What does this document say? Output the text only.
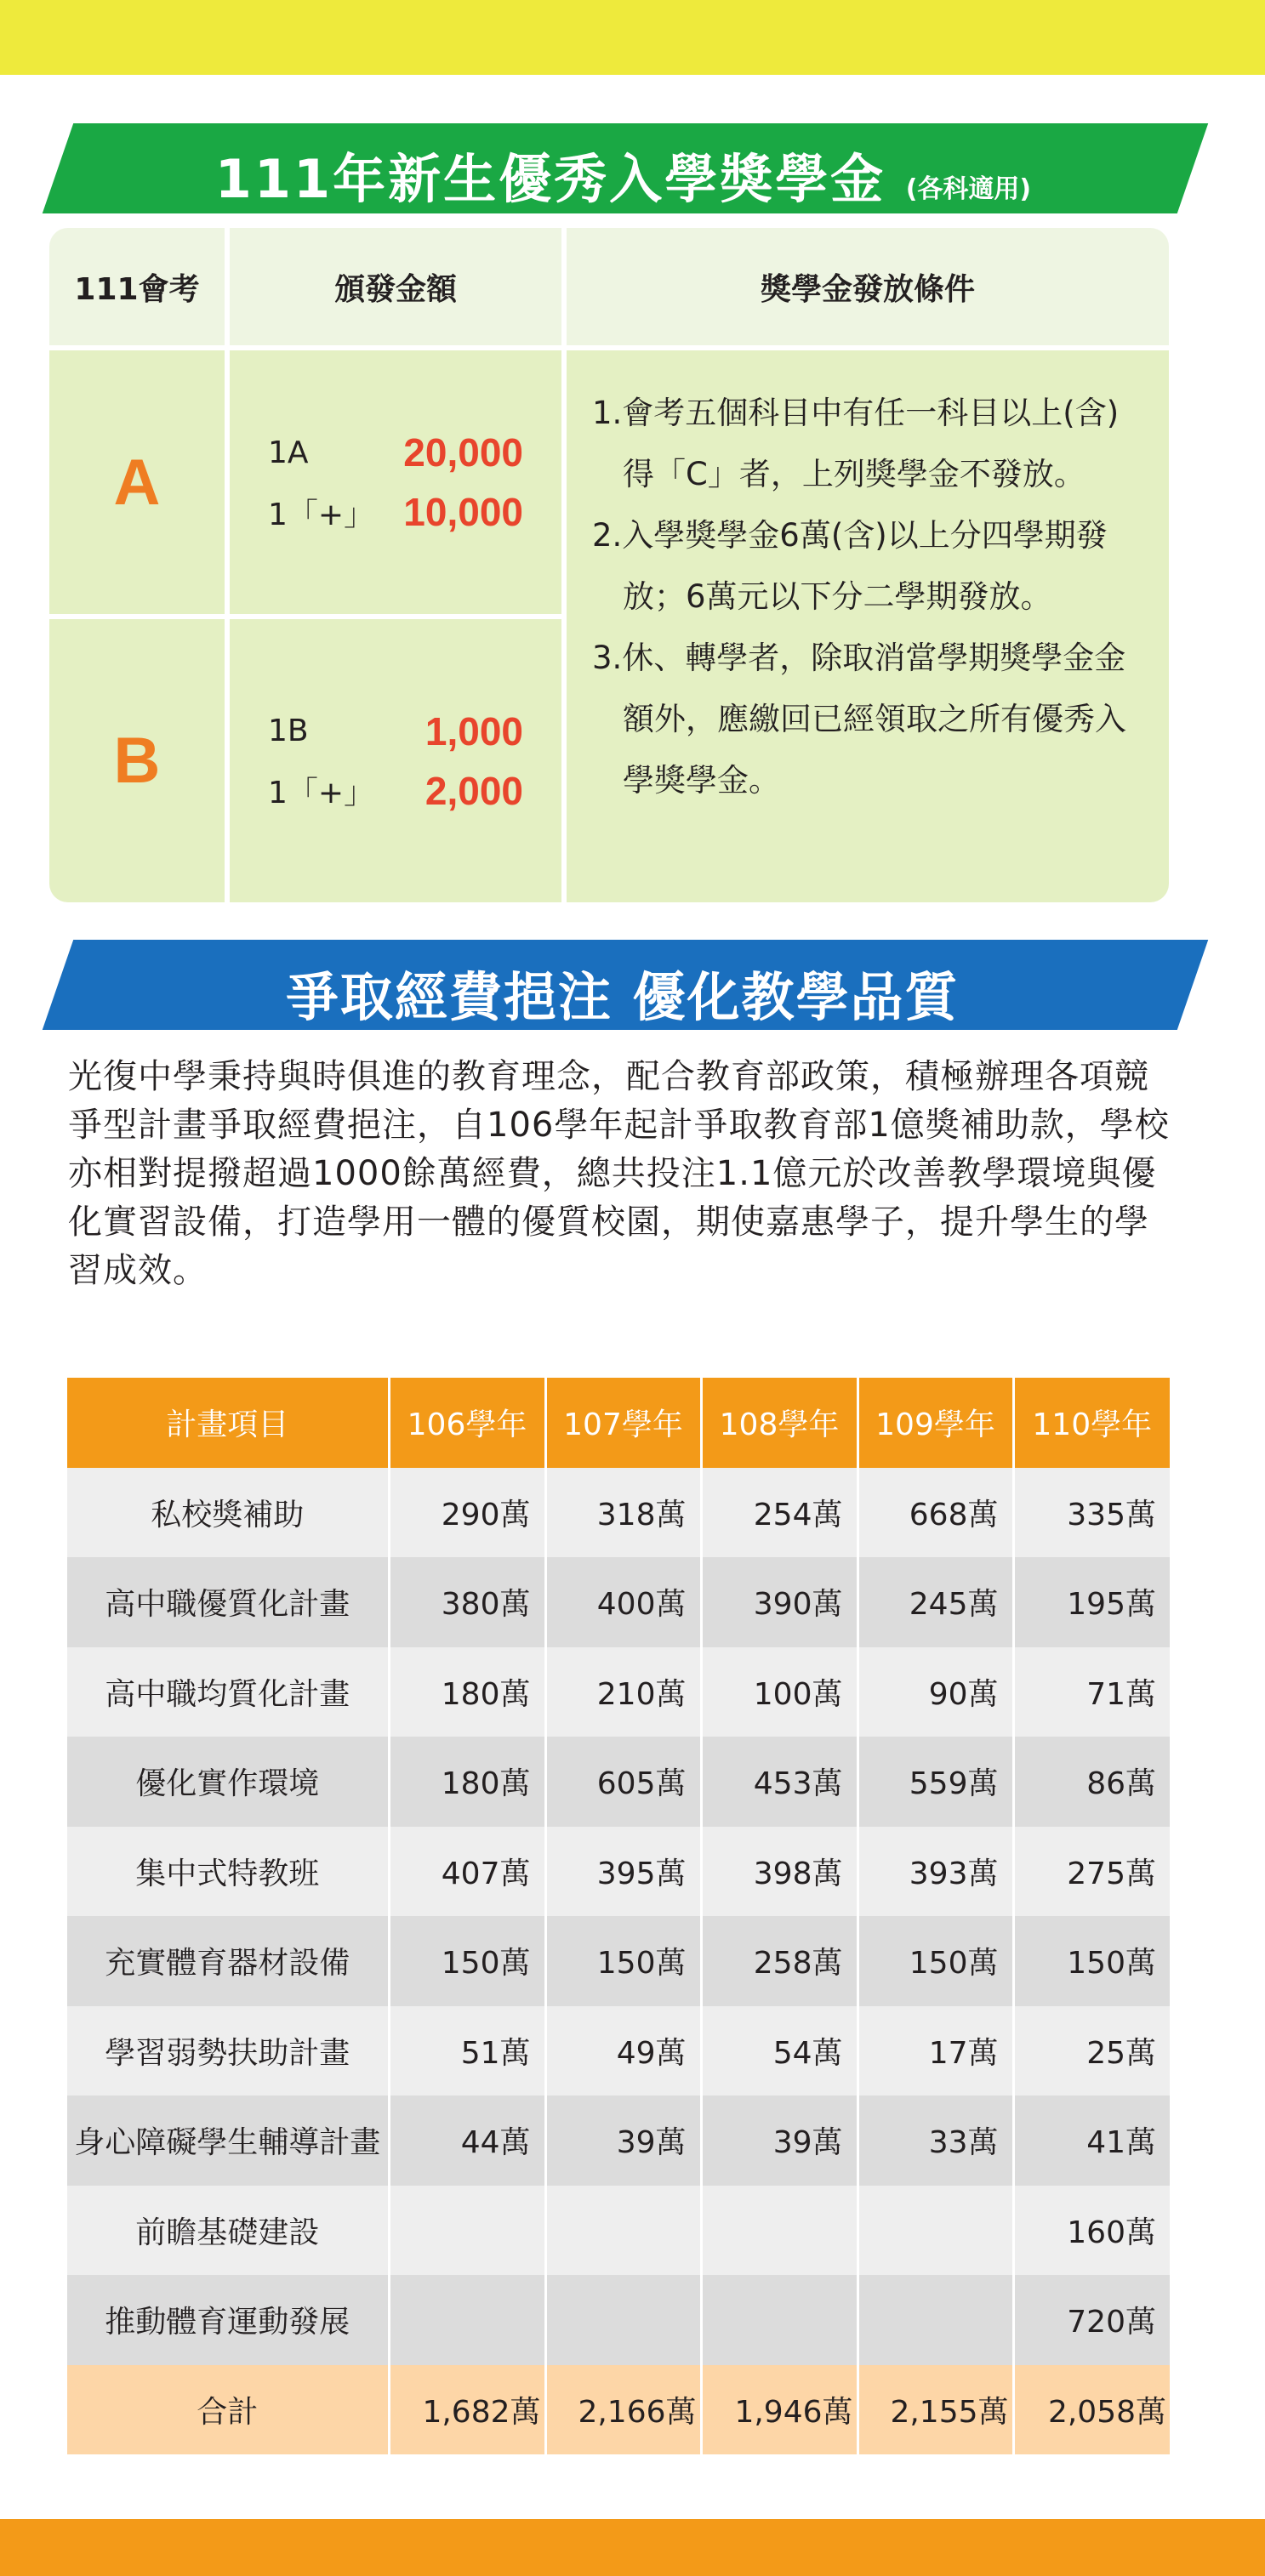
111年新生優秀入學獎學金 (各科適用)
111會考	頒發金額	獎學金發放條件
A	1A 20,000
1「+」 10,000
B	1B	1,000
1「+」 2,000
1.會考五個科目中有任一科目以上(含)得「C」者，上列獎學金不發放。
2.入學獎學金6萬(含)以上分四學期發放；6萬元以下分二學期發放。
3.休、轉學者，除取消當學期獎學金金額外，應繳回已經領取之所有優秀入學獎學金。
爭取經費挹注 優化教學品質

光復中學秉持與時俱進的教育理念，配合教育部政策，積極辦理各項競爭型計畫爭取經費挹注，自106學年起計爭取教育部1億獎補助款，學校亦相對提撥超過1000餘萬經費，總共投注1.1億元於改善教學環境與優化實習設備，打造學用一體的優質校園，期使嘉惠學子，提升學生的學習成效。

計畫項目	106學年	107學年	108學年	109學年	110學年
私校獎補助	290萬	318萬	254萬	668萬	335萬
高中職優質化計畫	380萬	400萬	390萬	245萬	195萬
高中職均質化計畫	180萬	210萬	100萬	90萬	71萬
優化實作環境	180萬	605萬	453萬	559萬	86萬
集中式特教班	407萬	395萬	398萬	393萬	275萬
充實體育器材設備	150萬	150萬	258萬	150萬	150萬
學習弱勢扶助計畫	51萬	49萬	54萬	17萬	25萬
身心障礙學生輔導計畫	44萬	39萬	39萬	33萬	41萬
前瞻基礎建設					160萬
推動體育運動發展					720萬
合計	1,682萬	2,166萬	1,946萬	2,155萬	2,058萬
